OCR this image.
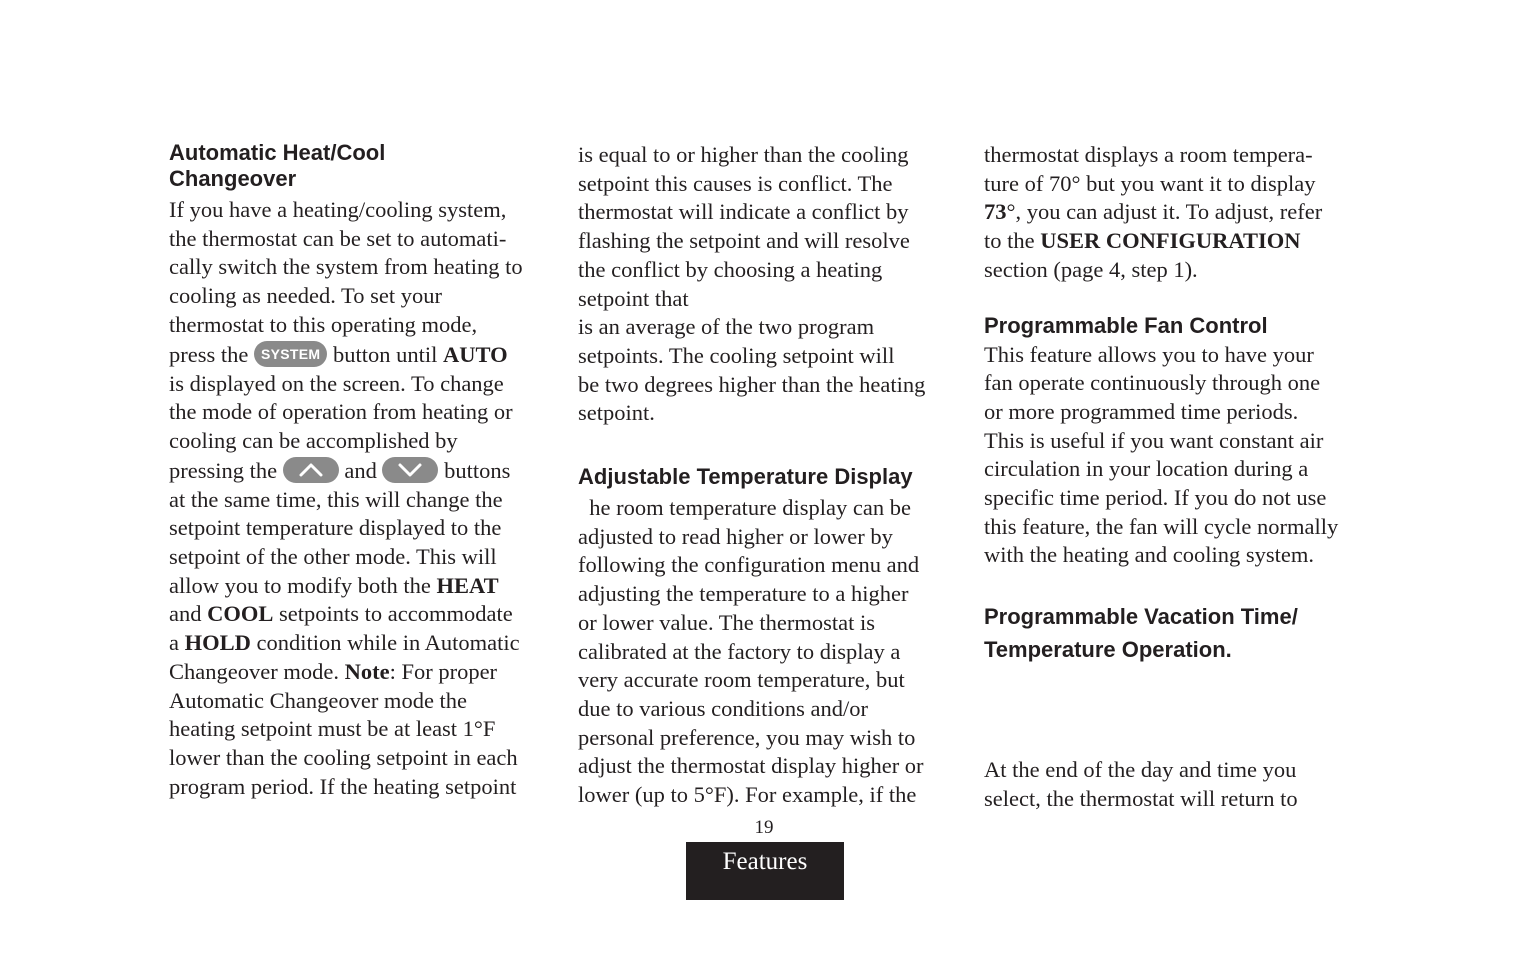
Automatic Heat/Cool
Changeover
If you have a heating/cooling system,
the thermostat can be set to automati-
cally switch the system from heating to
cooling as needed. To set your
thermostat to this operating mode,
press the SYSTEM button until AUTO
is displayed on the screen. To change
the mode of operation from heating or
cooling can be accomplished by
pressing the
and
buttons
at the same time, this will change the
setpoint temperature displayed to the
setpoint of the other mode. This will
allow you to modify both the HEAT
and COOL setpoints to accommodate
a HOLD condition while in Automatic
Changeover mode. Note: For proper
Automatic Changeover mode the
heating setpoint must be at least 1°F
lower than the cooling setpoint in each
program period. If the heating setpoint
is equal to or higher than the cooling
setpoint this causes is conflict. The
thermostat will indicate a conflict by
flashing the setpoint and will resolve
the conflict by choosing a heating
setpoint that
is an average of the two program
setpoints. The cooling setpoint will
be two degrees higher than the heating
setpoint.
Adjustable Temperature Display
he room temperature display can be
adjusted to read higher or lower by
following the configuration menu and
adjusting the temperature to a higher
or lower value. The thermostat is
calibrated at the factory to display a
very accurate room temperature, but
due to various conditions and/or
personal preference, you may wish to
adjust the thermostat display higher or
lower (up to 5°F). For example, if the
thermostat displays a room tempera-
ture of 70° but you want it to display
73°, you can adjust it. To adjust, refer
to the USER CONFIGURATION
section (page 4, step 1).
Programmable Fan Control
This feature allows you to have your
fan operate continuously through one
or more programmed time periods.
This is useful if you want constant air
circulation in your location during a
specific time period. If you do not use
this feature, the fan will cycle normally
with the heating and cooling system.
Programmable Vacation Time/
Temperature Operation.
At the end of the day and time you
select, the thermostat will return to
19
Features
